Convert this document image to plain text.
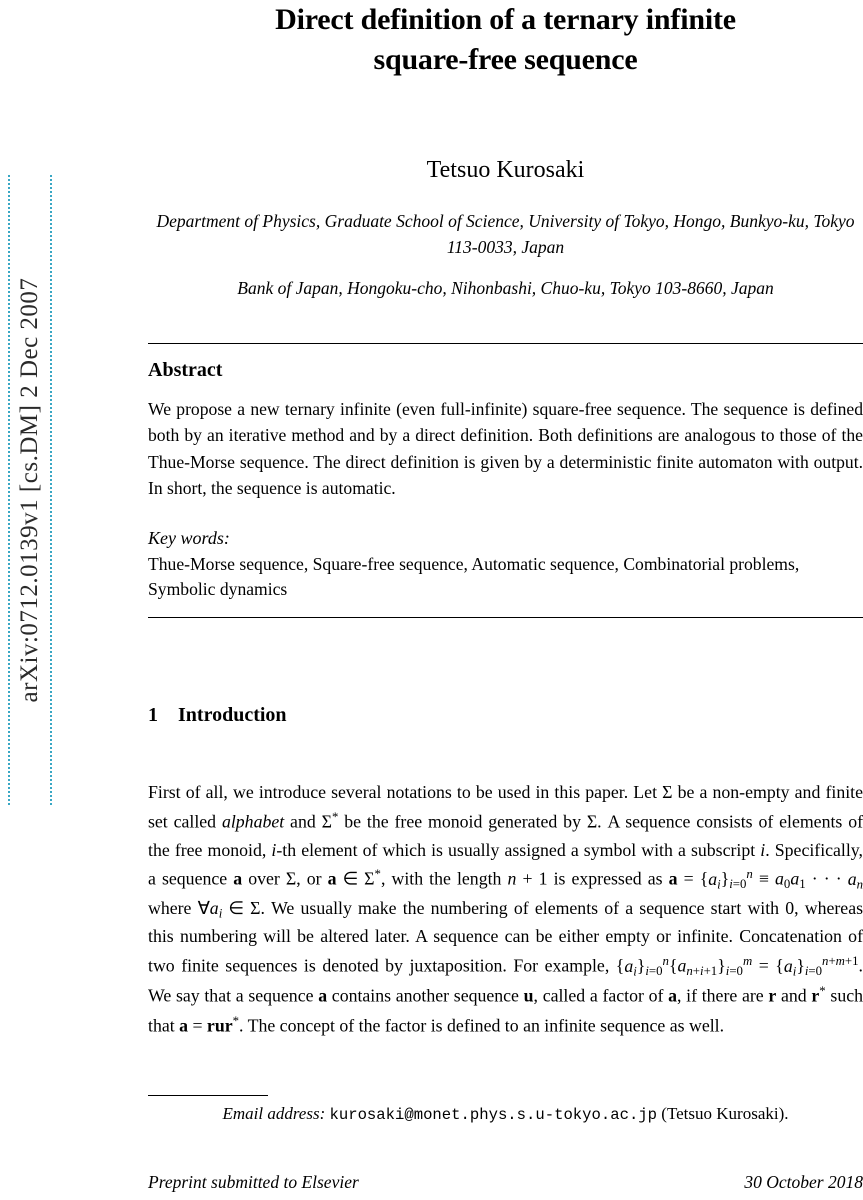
arXiv:0712.0139v1 [cs.DM] 2 Dec 2007
Direct definition of a ternary infinite
square-free sequence
Tetsuo Kurosaki
Department of Physics, Graduate School of Science, University of Tokyo, Hongo, Bunkyo-ku, Tokyo 113-0033, Japan
Bank of Japan, Hongoku-cho, Nihonbashi, Chuo-ku, Tokyo 103-8660, Japan
Abstract
We propose a new ternary infinite (even full-infinite) square-free sequence. The sequence is defined both by an iterative method and by a direct definition. Both definitions are analogous to those of the Thue-Morse sequence. The direct definition is given by a deterministic finite automaton with output. In short, the sequence is automatic.
Key words:
Thue-Morse sequence, Square-free sequence, Automatic sequence, Combinatorial problems, Symbolic dynamics
1 Introduction
First of all, we introduce several notations to be used in this paper. Let Σ be a non-empty and finite set called alphabet and Σ* be the free monoid generated by Σ. A sequence consists of elements of the free monoid, i-th element of which is usually assigned a symbol with a subscript i. Specifically, a sequence a over Σ, or a ∈ Σ*, with the length n + 1 is expressed as $a = \{a_i\}_{i=0}^n \equiv a_0a_1$ · · · $a_n$ where $\forall a_i$ ∈ Σ. We usually make the numbering of elements of a sequence start with 0, whereas this numbering will be altered later. A sequence can be either empty or infinite. Concatenation of two finite sequences is denoted by juxtaposition. For example, $\{a_i\}_{i=0}^n\{a_{n+i+1}\}_{i=0}^m = \{a_i\}_{i=0}^{n+m+1}$. We say that a sequence a contains another sequence u, called a factor of a, if there are r and r* such that a = rur*. The concept of the factor is defined to an infinite sequence as well.
Email address: kurosaki@monet.phys.s.u-tokyo.ac.jp (Tetsuo Kurosaki).
Preprint submitted to Elsevier	30 October 2018
